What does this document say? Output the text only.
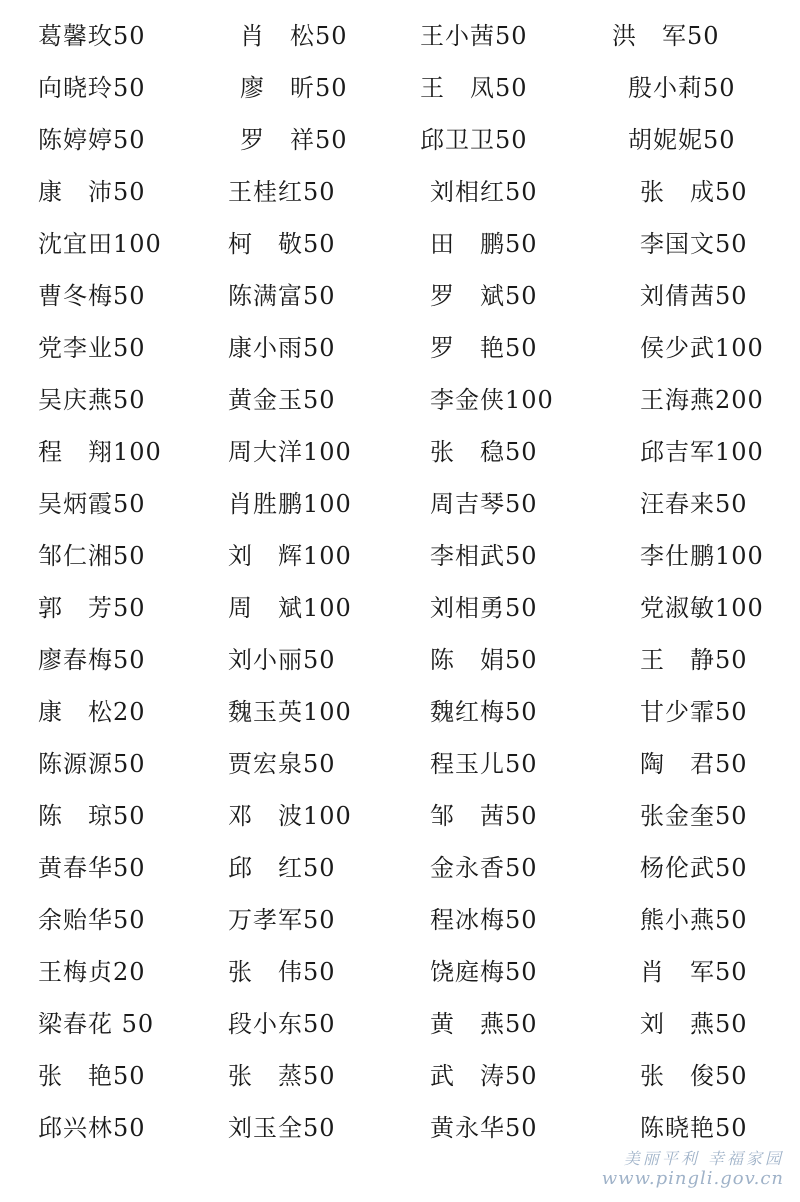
葛馨玫50	肖　松50	王小茜50	洪　军50
向晓玲50	廖　昕50	王　凤50	殷小莉50
陈婷婷50	罗　祥50	邱卫卫50	胡妮妮50
康　沛50	王桂红50	刘相红50	张　成50
沈宜田100	柯　敬50	田　鹏50	李国文50
曹冬梅50	陈满富50	罗　斌50	刘倩茜50
党李业50	康小雨50	罗　艳50	侯少武100
吴庆燕50	黄金玉50	李金侠100	王海燕200
程　翔100	周大洋100	张　稳50	邱吉军100
吴炳霞50	肖胜鹏100	周吉琴50	汪春来50
邹仁湘50	刘　辉100	李相武50	李仕鹏100
郭　芳50	周　斌100	刘相勇50	党淑敏100
廖春梅50	刘小丽50	陈　娟50	王　静50
康　松20	魏玉英100	魏红梅50	甘少霏50
陈源源50	贾宏泉50	程玉儿50	陶　君50
陈　琼50	邓　波100	邹　茜50	张金奎50
黄春华50	邱　红50	金永香50	杨伦武50
余贻华50	万孝军50	程冰梅50	熊小燕50
王梅贞20	张　伟50	饶庭梅50	肖　军50
梁春花 50	段小东50	黄　燕50	刘　燕50
张　艳50	张　蒸50	武　涛50	张　俊50
邱兴林50	刘玉全50	黄永华50	陈晓艳50
美丽平利 幸福家园
www.pingli.gov.cn
